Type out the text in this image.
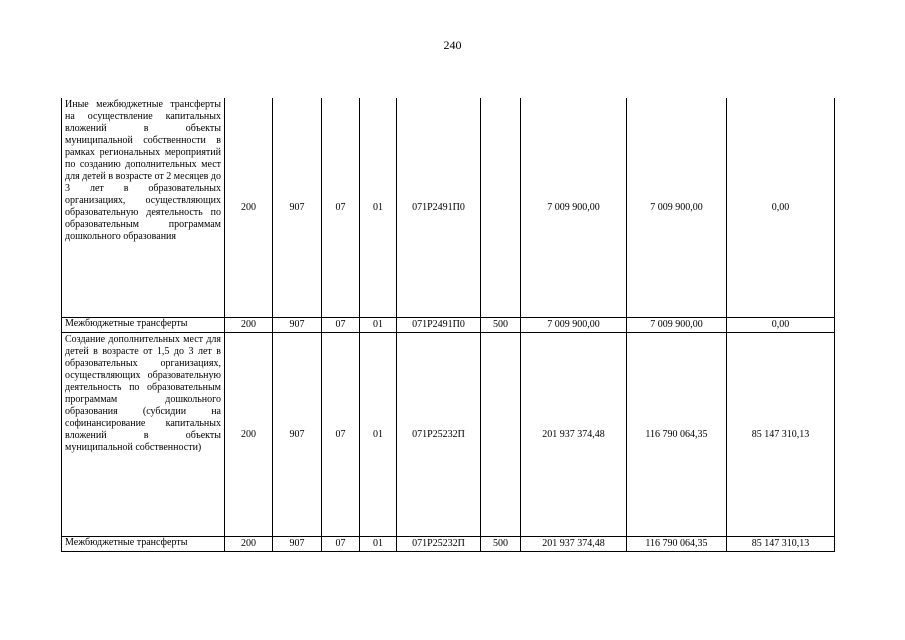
240
Иные межбюджетные трансферты на осуществление капитальных вложений в объекты муниципальной собственности в рамках региональных мероприятий по созданию дополнительных мест для детей в возрасте от 2 месяцев до 3 лет в образовательных организациях, осуществляющих образовательную деятельность по образовательным программам дошкольного образования	200	907	07	01	071P2491П0		7 009 900,00	7 009 900,00	0,00
Межбюджетные трансферты	200	907	07	01	071P2491П0	500	7 009 900,00	7 009 900,00	0,00
Создание дополнительных мест для детей в возрасте от 1,5 до 3 лет в образовательных организациях, осуществляющих образовательную деятельность по образовательным программам дошкольного образования (субсидии на софинансирование капитальных вложений в объекты муниципальной собственности)	200	907	07	01	071P25232П		201 937 374,48	116 790 064,35	85 147 310,13
Межбюджетные трансферты	200	907	07	01	071P25232П	500	201 937 374,48	116 790 064,35	85 147 310,13
